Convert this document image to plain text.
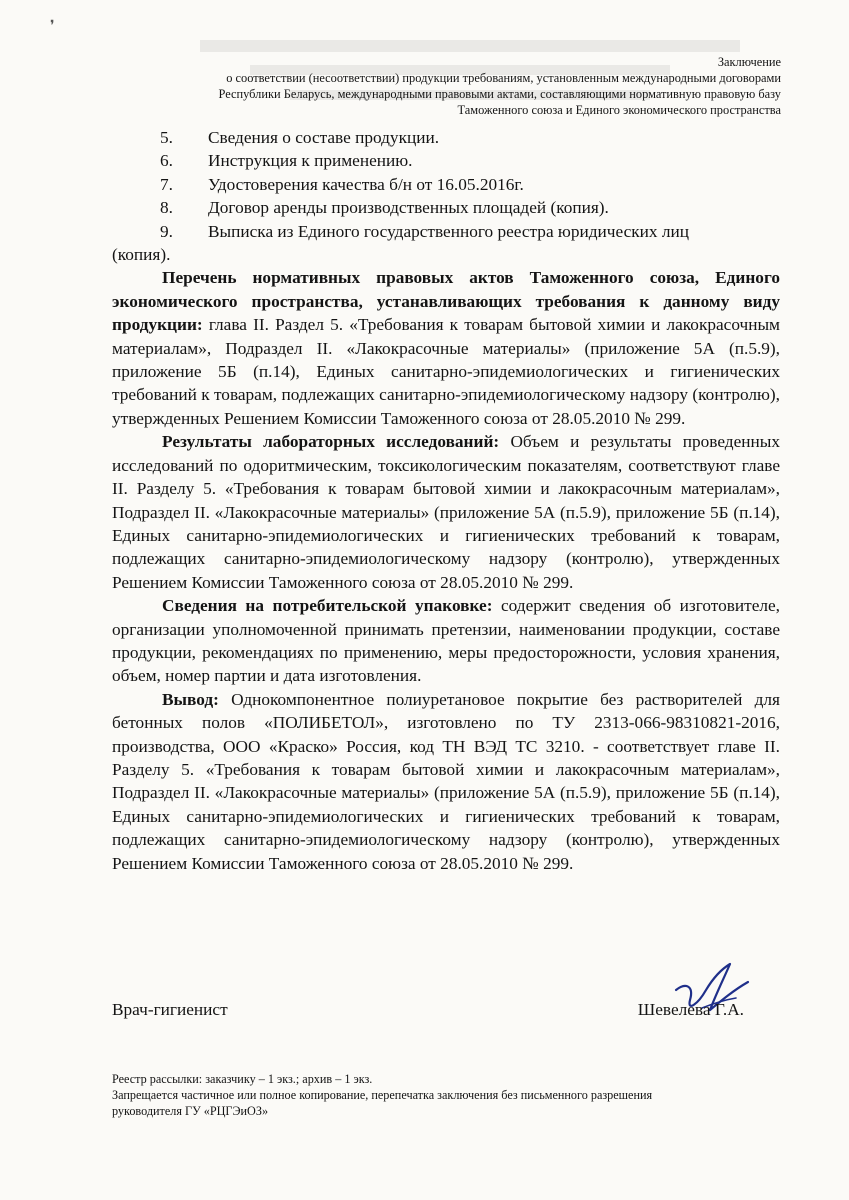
❜
Заключение
о соответствии (несоответствии) продукции требованиям, установленным международными договорами
Республики Беларусь, международными правовыми актами, составляющими нормативную правовую базу
Таможенного союза и Единого экономического пространства
5.	Сведения о составе продукции.
6.	Инструкция к применению.
7.	Удостоверения качества б/н от 16.05.2016г.
8.	Договор аренды производственных площадей (копия).
9.	Выписка из Единого государственного реестра юридических лиц
(копия).

Перечень нормативных правовых актов Таможенного союза, Единого экономического пространства, устанавливающих требования к данному виду продукции: глава II. Раздел 5. «Требования к товарам бытовой химии и лакокрасочным материалам», Подраздел II. «Лакокрасочные материалы» (приложение 5А (п.5.9), приложение 5Б (п.14), Единых санитарно-эпидемиологических и гигиенических требований к товарам, подлежащих санитарно-эпидемиологическому надзору (контролю), утвержденных Решением Комиссии Таможенного союза от 28.05.2010 № 299.

Результаты лабораторных исследований: Объем и результаты проведенных исследований по одоритмическим, токсикологическим показателям, соответствуют главе II. Разделу 5. «Требования к товарам бытовой химии и лакокрасочным материалам», Подраздел II. «Лакокрасочные материалы» (приложение 5А (п.5.9), приложение 5Б (п.14), Единых санитарно-эпидемиологических и гигиенических требований к товарам, подлежащих санитарно-эпидемиологическому надзору (контролю), утвержденных Решением Комиссии Таможенного союза от 28.05.2010 № 299.

Сведения на потребительской упаковке: содержит сведения об изготовителе, организации уполномоченной принимать претензии, наименовании продукции, составе продукции, рекомендациях по применению, меры предосторожности, условия хранения, объем, номер партии и дата изготовления.

Вывод: Однокомпонентное полиуретановое покрытие без растворителей для бетонных полов «ПОЛИБЕТОЛ», изготовлено по ТУ 2313-066-98310821-2016, производства, ООО «Краско» Россия, код ТН ВЭД ТС 3210. - соответствует главе II. Разделу 5. «Требования к товарам бытовой химии и лакокрасочным материалам», Подраздел II. «Лакокрасочные материалы» (приложение 5А (п.5.9), приложение 5Б (п.14), Единых санитарно-эпидемиологических и гигиенических требований к товарам, подлежащих санитарно-эпидемиологическому надзору (контролю), утвержденных Решением Комиссии Таможенного союза от 28.05.2010 № 299.

Врач-гигиенист	Шевелева Г.А.
Реестр рассылки: заказчику – 1 экз.; архив – 1 экз.
Запрещается частичное или полное копирование, перепечатка заключения без письменного разрешения
руководителя ГУ «РЦГЭиОЗ»
